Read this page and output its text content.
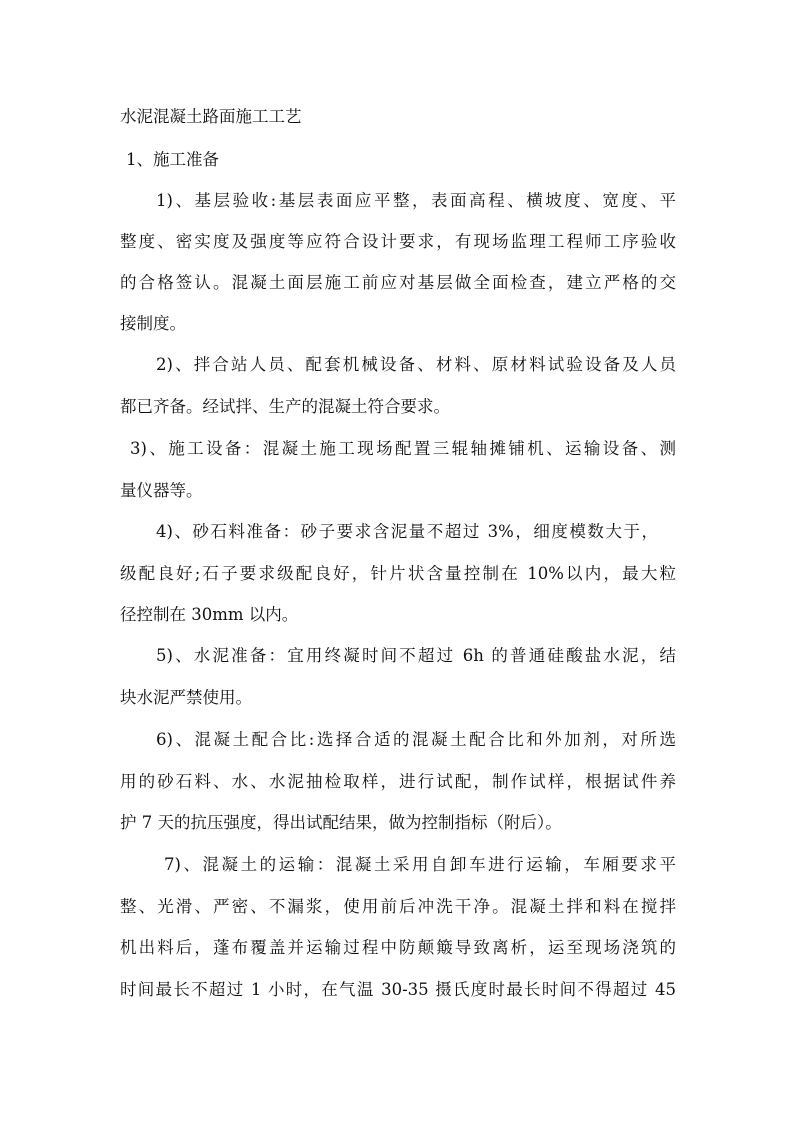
水泥混凝土路面施工工艺
1、施工准备
1)、基层验收:基层表面应平整，表面高程、横坡度、宽度、平
整度、密实度及强度等应符合设计要求，有现场监理工程师工序验收
的合格签认。混凝土面层施工前应对基层做全面检查，建立严格的交
接制度。
2)、拌合站人员、配套机械设备、材料、原材料试验设备及人员
都已齐备。经试拌、生产的混凝土符合要求。
3)、施工设备：混凝土施工现场配置三辊轴摊铺机、运输设备、测
量仪器等。
4)、砂石料准备：砂子要求含泥量不超过 3%，细度模数大于，
级配良好;石子要求级配良好，针片状含量控制在 10%以内，最大粒
径控制在 30mm 以内。
5)、水泥准备：宜用终凝时间不超过 6h 的普通硅酸盐水泥，结
块水泥严禁使用。
6)、混凝土配合比:选择合适的混凝土配合比和外加剂，对所选
用的砂石料、水、水泥抽检取样，进行试配，制作试样，根据试件养
护 7 天的抗压强度，得出试配结果，做为控制指标（附后）。
7)、混凝土的运输：混凝土采用自卸车进行运输，车厢要求平
整、光滑、严密、不漏浆，使用前后冲洗干净。混凝土拌和料在搅拌
机出料后，蓬布覆盖并运输过程中防颠簸导致离析，运至现场浇筑的
时间最长不超过 1 小时，在气温 30-35 摄氏度时最长时间不得超过 45
